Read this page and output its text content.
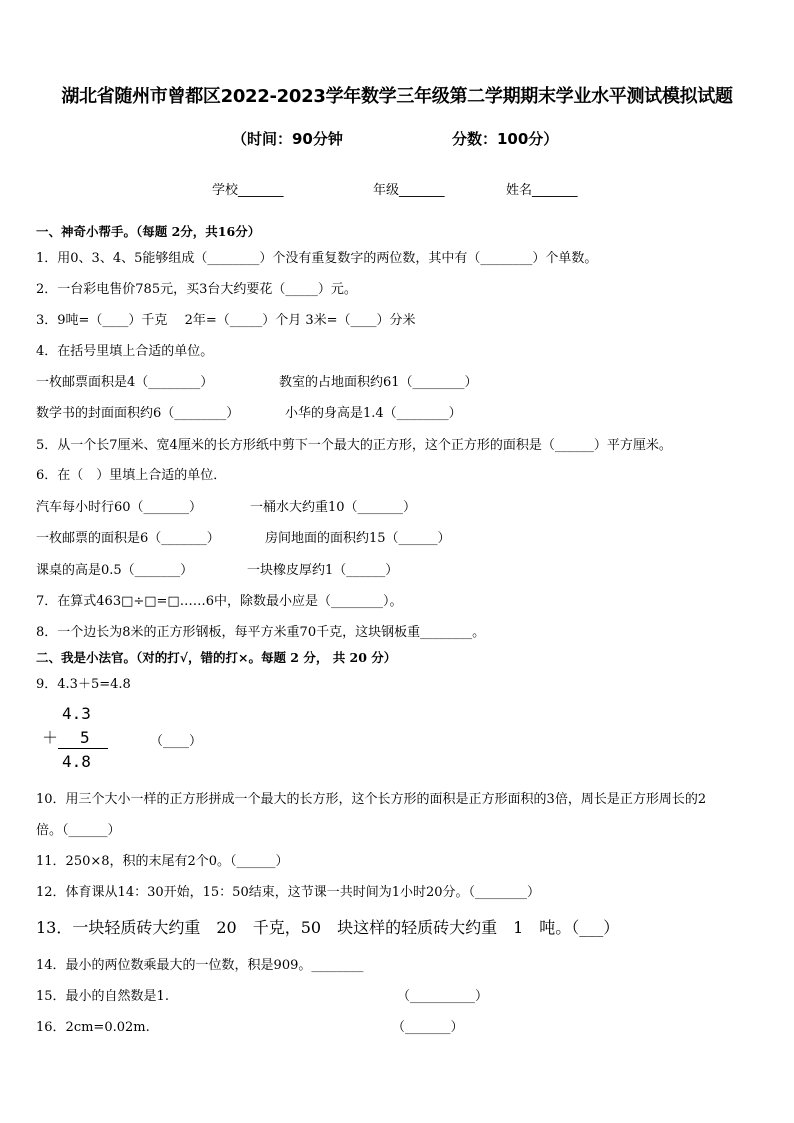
湖北省随州市曾都区2022-2023学年数学三年级第二学期期末学业水平测试模拟试题
（时间：90分钟	分数：100分）
学校_______	年级_______	姓名_______
一、神奇小帮手。（每题 2分，共16分）
1．用0、3、4、5能够组成（________）个没有重复数字的两位数，其中有（________）个单数。
2．一台彩电售价785元，买3台大约要花（_____）元。
3．9吨=（____）千克　 2年=（_____）个月 3米=（____）分米
4．在括号里填上合适的单位。
一枚邮票面积是4（________）	教室的占地面积约61（________）
数学书的封面面积约6（________）	小华的身高是1.4（________）
5．从一个长7厘米、宽4厘米的长方形纸中剪下一个最大的正方形，这个正方形的面积是（______）平方厘米。
6．在（　）里填上合适的单位．
汽车每小时行60（_______）	一桶水大约重10（_______）
一枚邮票的面积是6（_______）	房间地面的面积约15（______）
课桌的高是0.5（_______）	一块橡皮厚约1（______）
7．在算式463□÷□=□……6中，除数最小应是（________）。
8．一个边长为8米的正方形钢板，每平方米重70千克，这块钢板重________。
二、我是小法官。（对的打√，错的打×。每题 2 分， 共 20 分）
9．4.3＋5=4.8
4.3
＋ 5
4.8
（____）
10．用三个大小一样的正方形拼成一个最大的长方形，这个长方形的面积是正方形面积的3倍，周长是正方形周长的2
倍。（______）
11．250×8，积的末尾有2个0。（______）
12．体育课从14：30开始，15：50结束，这节课一共时间为1小时20分。（________）
13．一块轻质砖大约重　20　千克，50　块这样的轻质砖大约重　1　吨。（___）
14．最小的两位数乘最大的一位数，积是909。________
15．最小的自然数是1.	（__________）
16．2cm=0.02m.	（_______）
